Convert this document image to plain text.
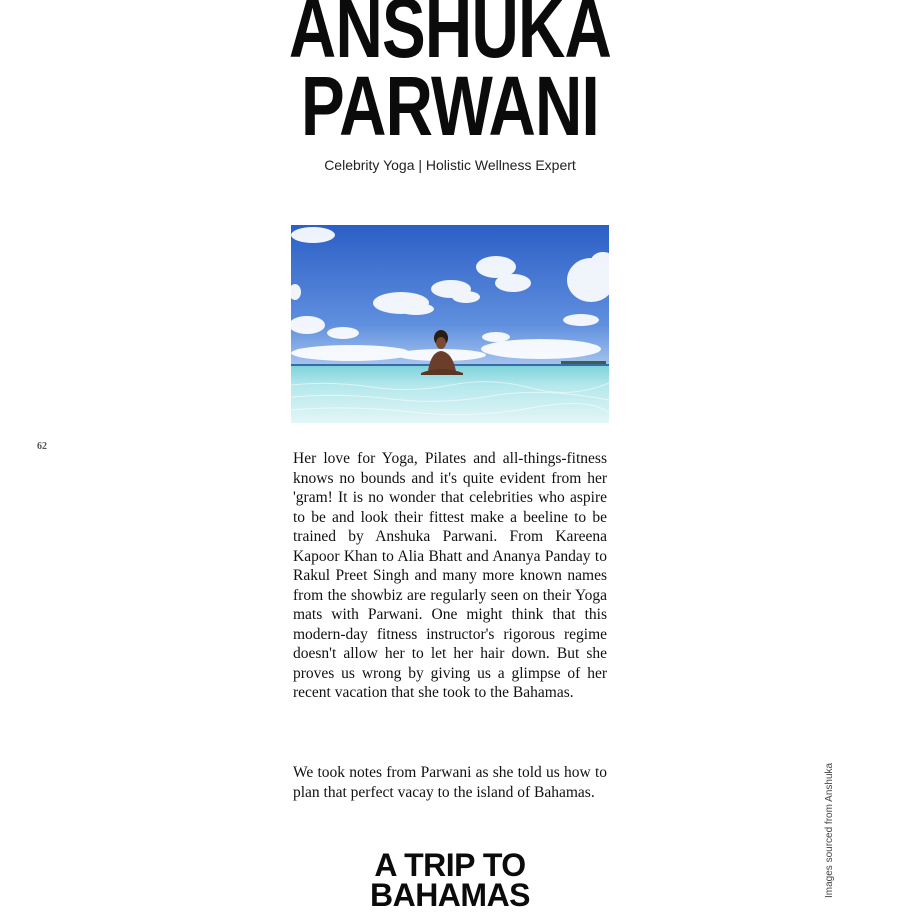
ANSHUKA
PARWANI
Celebrity Yoga | Holistic Wellness Expert
62

Her love for Yoga, Pilates and all-things-fitness knows no bounds and it's quite evident from her 'gram! It is no wonder that celebrities who aspire to be and look their fittest make a beeline to be trained by Anshuka Parwani. From Kareena Kapoor Khan to Alia Bhatt and Ananya Panday to Rakul Preet Singh and many more known names from the showbiz are regularly seen on their Yoga mats with Parwani. One might think that this modern-day fitness instructor's rigorous regime doesn't allow her to let her hair down. But she proves us wrong by giving us a glimpse of her recent vacation that she took to the Bahamas.

We took notes from Parwani as she told us how to plan that perfect vacay to the island of Bahamas.

A TRIP TO
BAHAMAS	Images sourced from Anshuka
